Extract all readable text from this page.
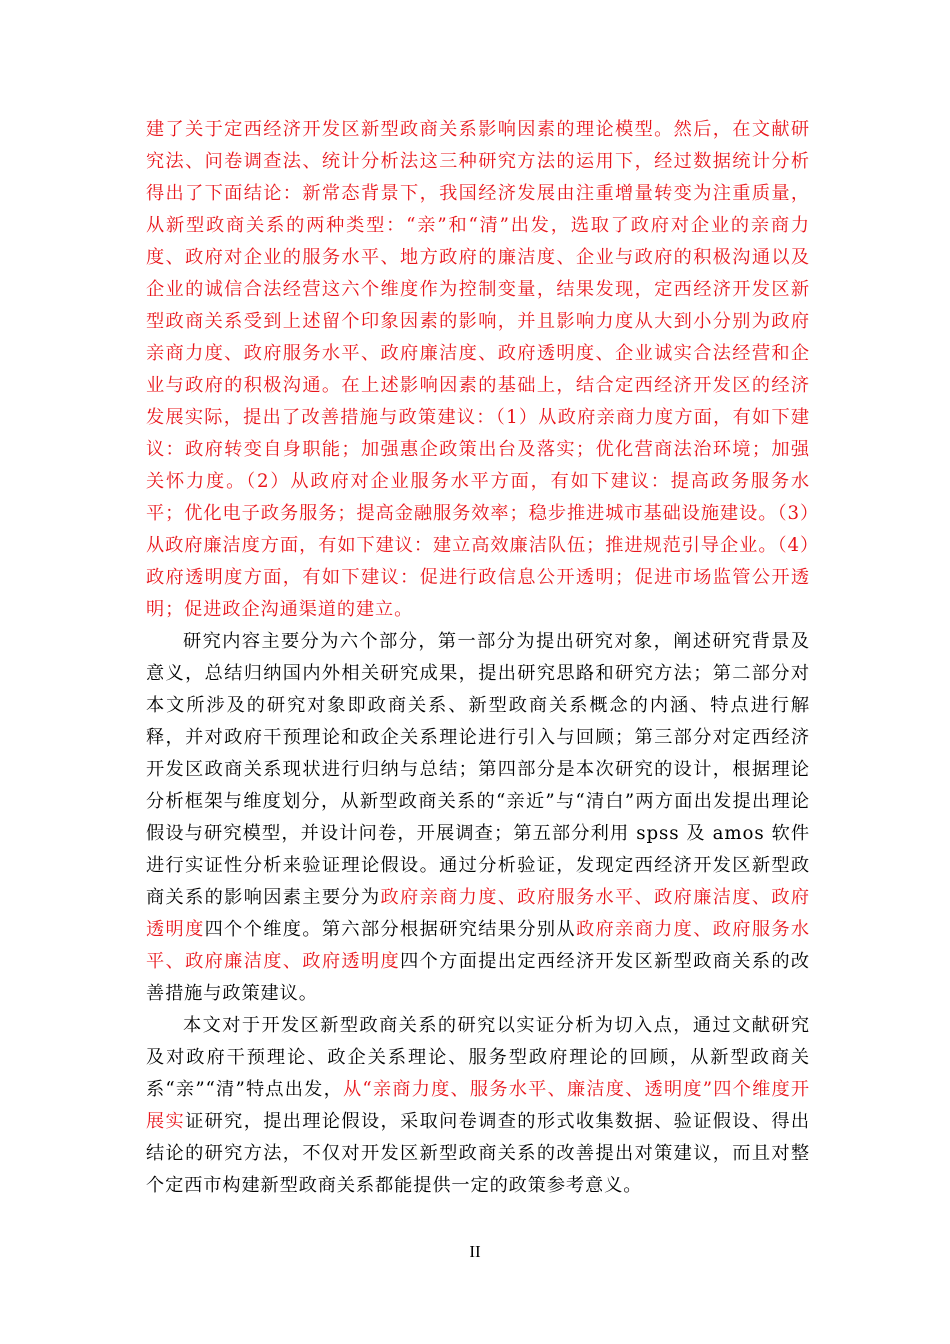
建了关于定西经济开发区新型政商关系影响因素的理论模型。然后，在文献研究法、问卷调查法、统计分析法这三种研究方法的运用下，经过数据统计分析得出了下面结论：新常态背景下，我国经济发展由注重增量转变为注重质量，从新型政商关系的两种类型：“亲”和“清”出发，选取了政府对企业的亲商力度、政府对企业的服务水平、地方政府的廉洁度、企业与政府的积极沟通以及企业的诚信合法经营这六个维度作为控制变量，结果发现，定西经济开发区新型政商关系受到上述留个印象因素的影响，并且影响力度从大到小分别为政府亲商力度、政府服务水平、政府廉洁度、政府透明度、企业诚实合法经营和企业与政府的积极沟通。在上述影响因素的基础上，结合定西经济开发区的经济发展实际，提出了改善措施与政策建议：（1）从政府亲商力度方面，有如下建议：政府转变自身职能；加强惠企政策出台及落实；优化营商法治环境；加强关怀力度。（2）从政府对企业服务水平方面，有如下建议：提高政务服务水平；优化电子政务服务；提高金融服务效率；稳步推进城市基础设施建设。（3）从政府廉洁度方面，有如下建议：建立高效廉洁队伍；推进规范引导企业。（4）政府透明度方面，有如下建议：促进行政信息公开透明；促进市场监管公开透明；促进政企沟通渠道的建立。

研究内容主要分为六个部分，第一部分为提出研究对象，阐述研究背景及意义，总结归纳国内外相关研究成果，提出研究思路和研究方法；第二部分对本文所涉及的研究对象即政商关系、新型政商关系概念的内涵、特点进行解释，并对政府干预理论和政企关系理论进行引入与回顾；第三部分对定西经济开发区政商关系现状进行归纳与总结；第四部分是本次研究的设计，根据理论分析框架与维度划分，从新型政商关系的“亲近”与“清白”两方面出发提出理论假设与研究模型，并设计问卷，开展调查；第五部分利用 spss 及 amos 软件进行实证性分析来验证理论假设。通过分析验证，发现定西经济开发区新型政商关系的影响因素主要分为政府亲商力度、政府服务水平、政府廉洁度、政府透明度四个个维度。第六部分根据研究结果分别从政府亲商力度、政府服务水平、政府廉洁度、政府透明度四个方面提出定西经济开发区新型政商关系的改善措施与政策建议。

本文对于开发区新型政商关系的研究以实证分析为切入点，通过文献研究及对政府干预理论、政企关系理论、服务型政府理论的回顾，从新型政商关系“亲”“清”特点出发，从“亲商力度、服务水平、廉洁度、透明度”四个维度开展实证研究，提出理论假设，采取问卷调查的形式收集数据、验证假设、得出结论的研究方法，不仅对开发区新型政商关系的改善提出对策建议，而且对整个定西市构建新型政商关系都能提供一定的政策参考意义。

II
